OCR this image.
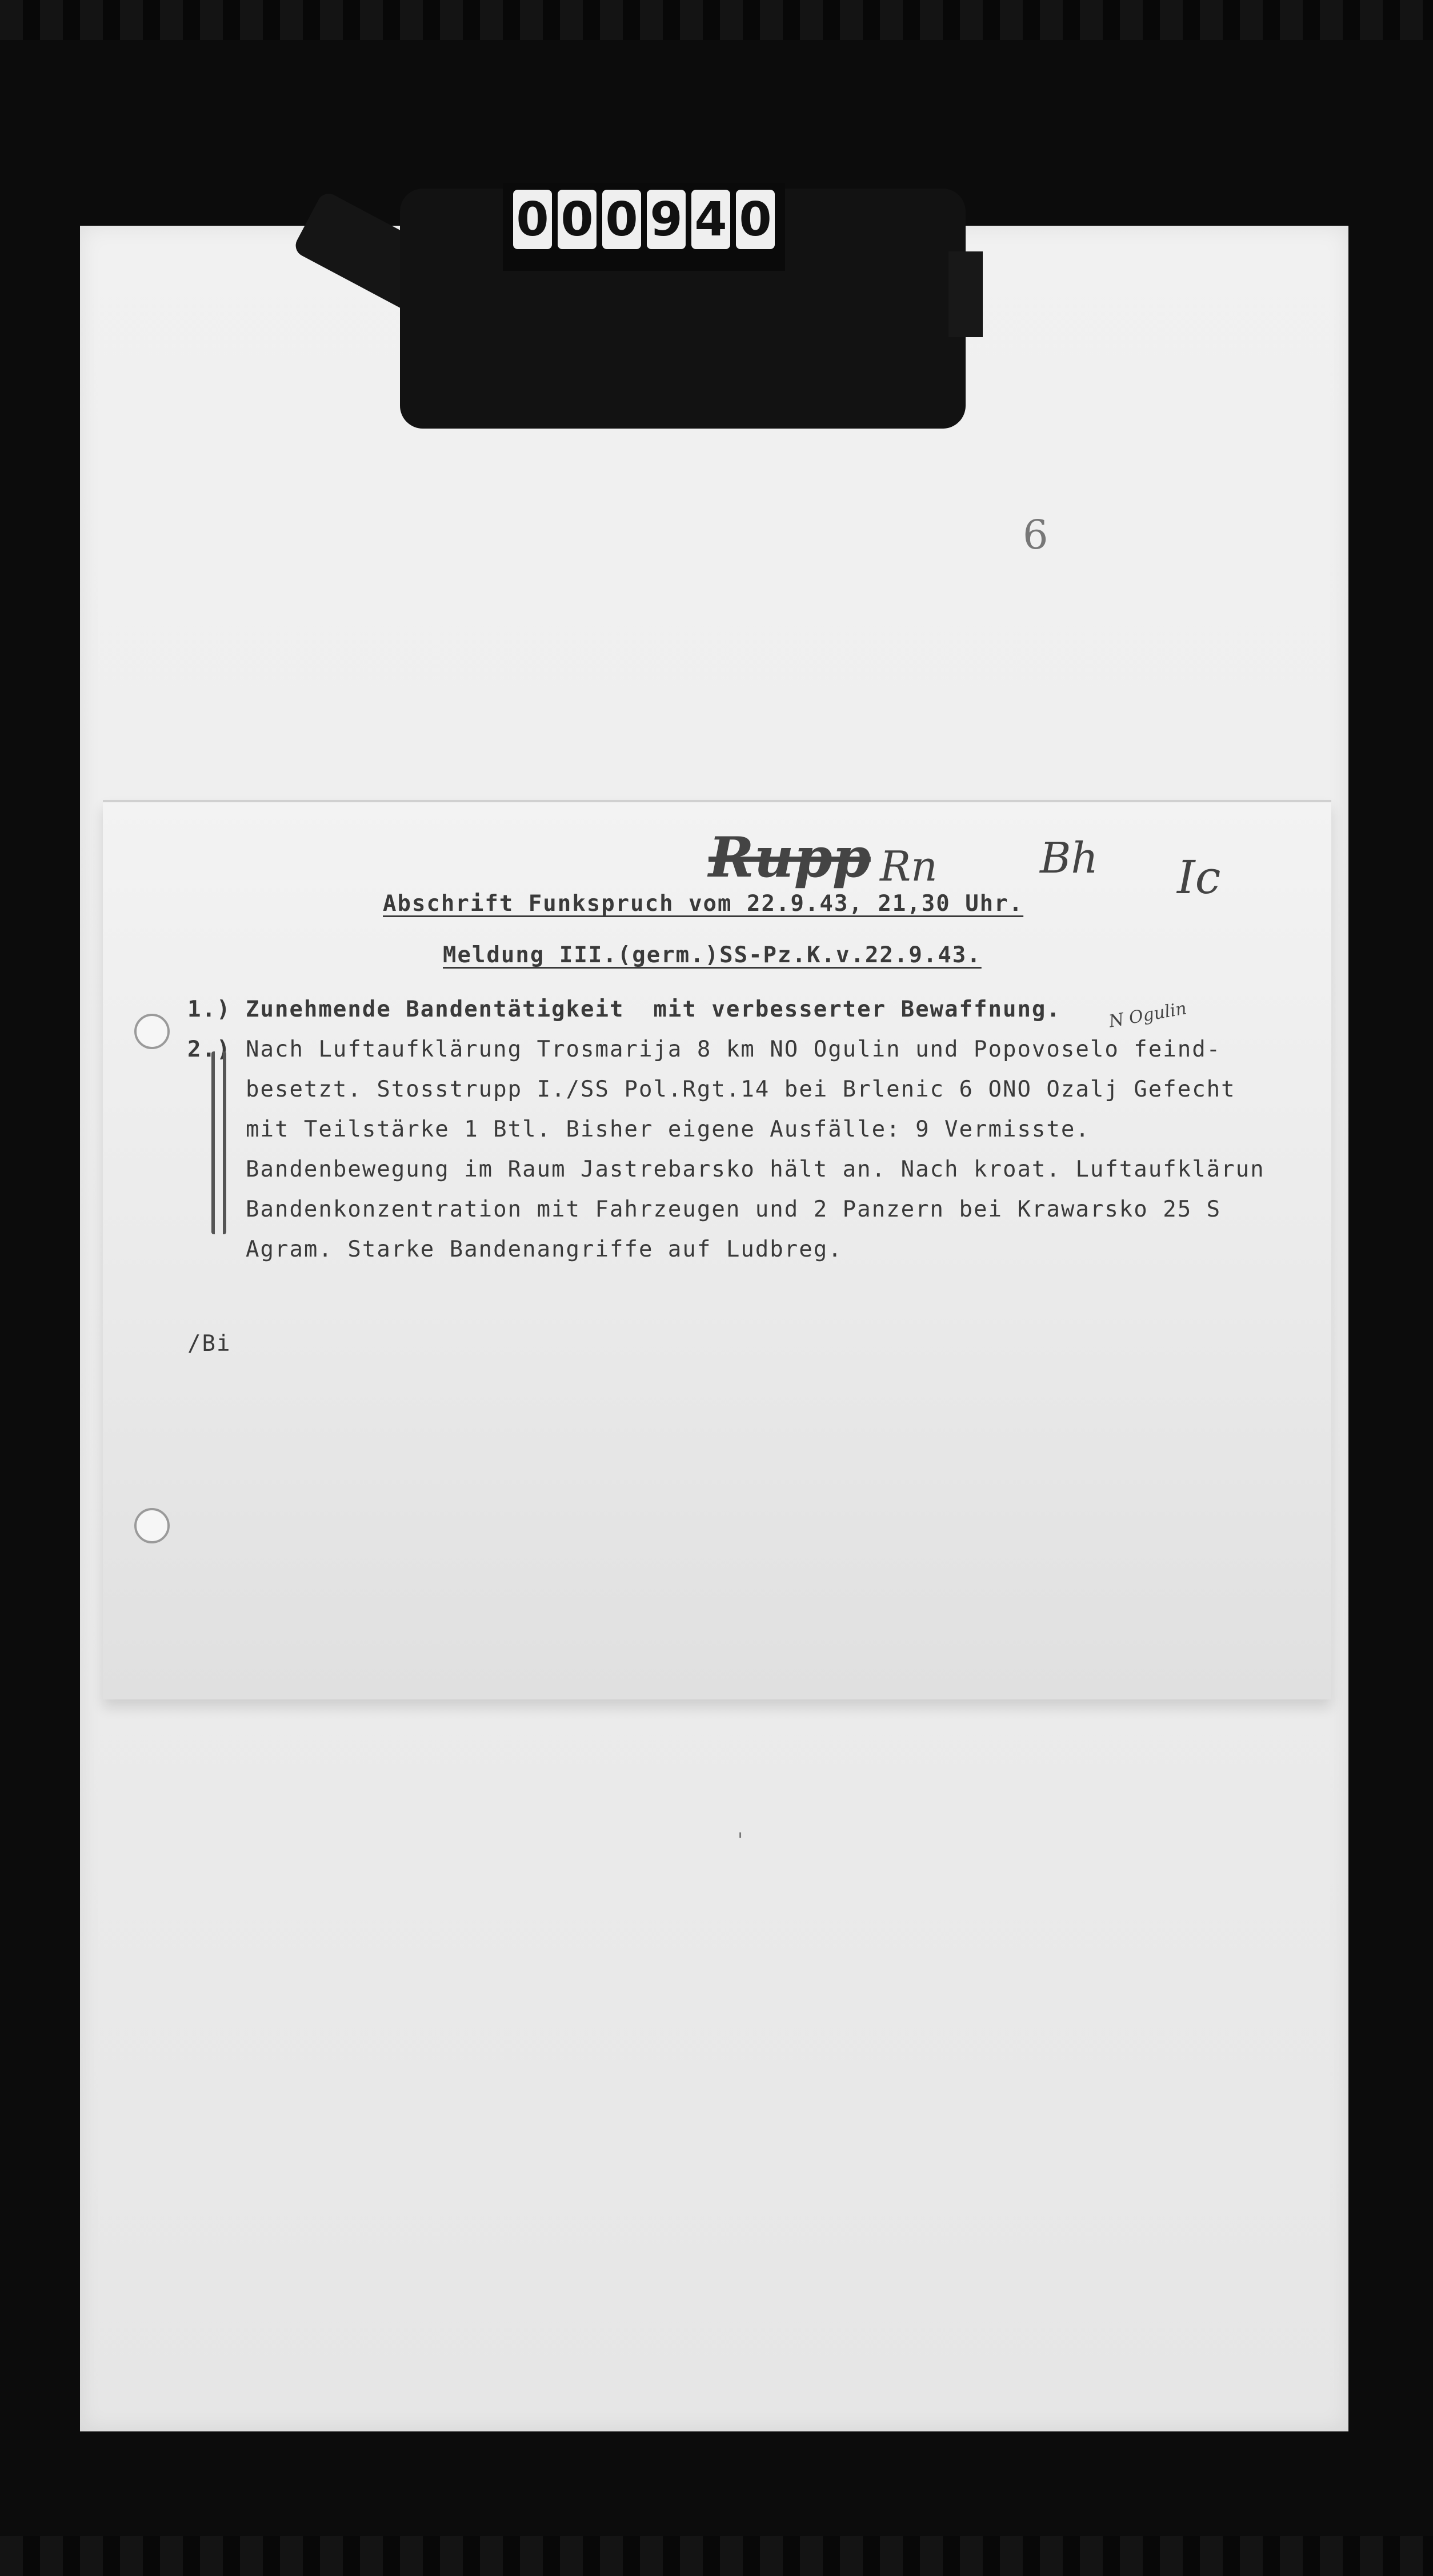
6
ˌ
0 0 0 9 4 0
Rupp Rn Bh Ic
N Ogulin
Abschrift Funkspruch vom 22.9.43, 21,30 Uhr.
Meldung III.(germ.)SS-Pz.K.v.22.9.43.
1.) Zunehmende Bandentätigkeit  mit verbesserter Bewaffnung.
2.) Nach Luftaufklärung Trosmarija 8 km NO Ogulin und Popovoselo feind-
besetzt. Stosstrupp I./SS Pol.Rgt.14 bei Brlenic 6 ONO Ozalj Gefecht
mit Teilstärke 1 Btl. Bisher eigene Ausfälle: 9 Vermisste.
Bandenbewegung im Raum Jastrebarsko hält an. Nach kroat. Luftaufklärun
Bandenkonzentration mit Fahrzeugen und 2 Panzern bei Krawarsko 25 S
Agram. Starke Bandenangriffe auf Ludbreg.
/Bi
